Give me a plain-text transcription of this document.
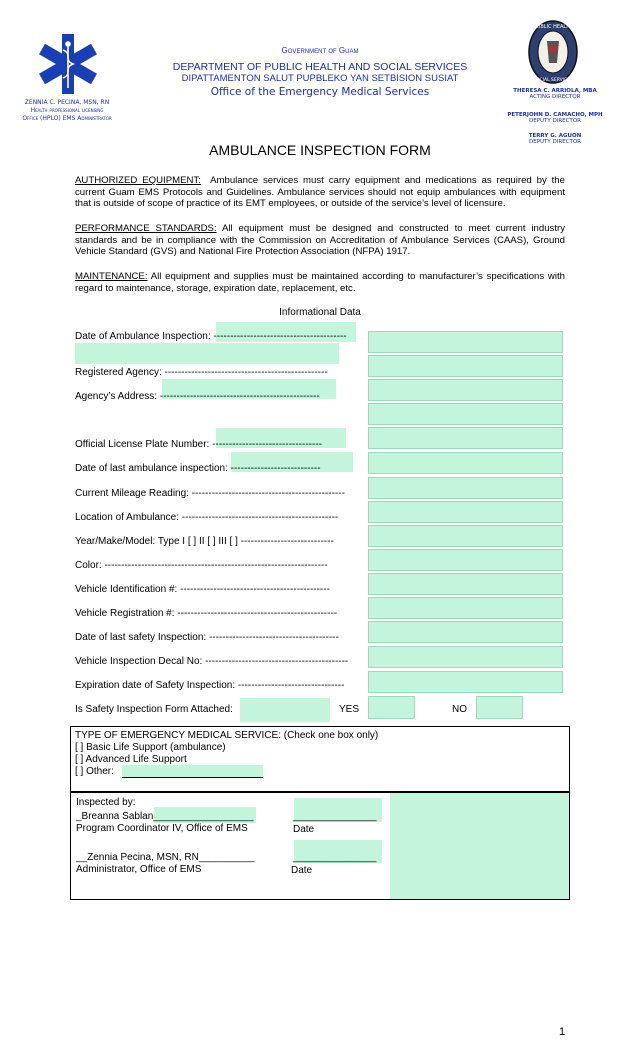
ZENNIA C. PECINA, MSN, RN
Health professional licensing
Office (HPLO) EMS Administrator
Government of Guam
DEPARTMENT OF PUBLIC HEALTH AND SOCIAL SERVICES
DIPATTAMENTON SALUT PUPBLEKO YAN SETBISION SUSIAT
Office of the Emergency Medical Services
PUBLIC HEALTH
SOCIAL SERVICES
THERESA C. ARRIOLA, MBA
ACTING DIRECTOR
PETERJOHN D. CAMACHO, MPH
DEPUTY DIRECTOR
TERRY G. AGUON
DEPUTY DIRECTOR
AMBULANCE INSPECTION FORM
AUTHORIZED EQUIPMENT: Ambulance services must carry equipment and medications as required by the current Guam EMS Protocols and Guidelines. Ambulance services should not equip ambulances with equipment that is outside of scope of practice of its EMT employees, or outside of the service’s level of licensure.
PERFORMANCE STANDARDS: All equipment must be designed and constructed to meet current industry standards and be in compliance with the Commission on Accreditation of Ambulance Services (CAAS), Ground Vehicle Standard (GVS) and National Fire Protection Association (NFPA) 1917.
MAINTENANCE: All equipment and supplies must be maintained according to manufacturer’s specifications with regard to maintenance, storage, expiration date, replacement, etc.
Informational Data
Date of Ambulance Inspection: ----------------------------------------
Registered Agency: -------------------------------------------------
Agency’s Address: ------------------------------------------------
Official License Plate Number: ---------------------------------
Date of last ambulance inspection: ---------------------------
Current Mileage Reading: ----------------------------------------------
Location of Ambulance: -----------------------------------------------
Year/Make/Model: Type I [ ] II [ ] III [ ] ----------------------------
Color: -------------------------------------------------------------------
Vehicle Identification #: ---------------------------------------------
Vehicle Registration #: ------------------------------------------------
Date of last safety Inspection: ---------------------------------------
Vehicle Inspection Decal No: -------------------------------------------
Expiration date of Safety Inspection: --------------------------------
Is Safety Inspection Form Attached:	YES	NO
TYPE OF EMERGENCY MEDICAL SERVICE: (Check one box only)
[ ] Basic Life Support (ambulance)
[ ] Advanced Life Support
[ ] Other:
Inspected by:
_Breanna Sablan__________________
Program Coordinator IV, Office of EMS
_______________
Date
__Zennia Pecina, MSN, RN__________
Administrator, Office of EMS
_______________
Date
1
